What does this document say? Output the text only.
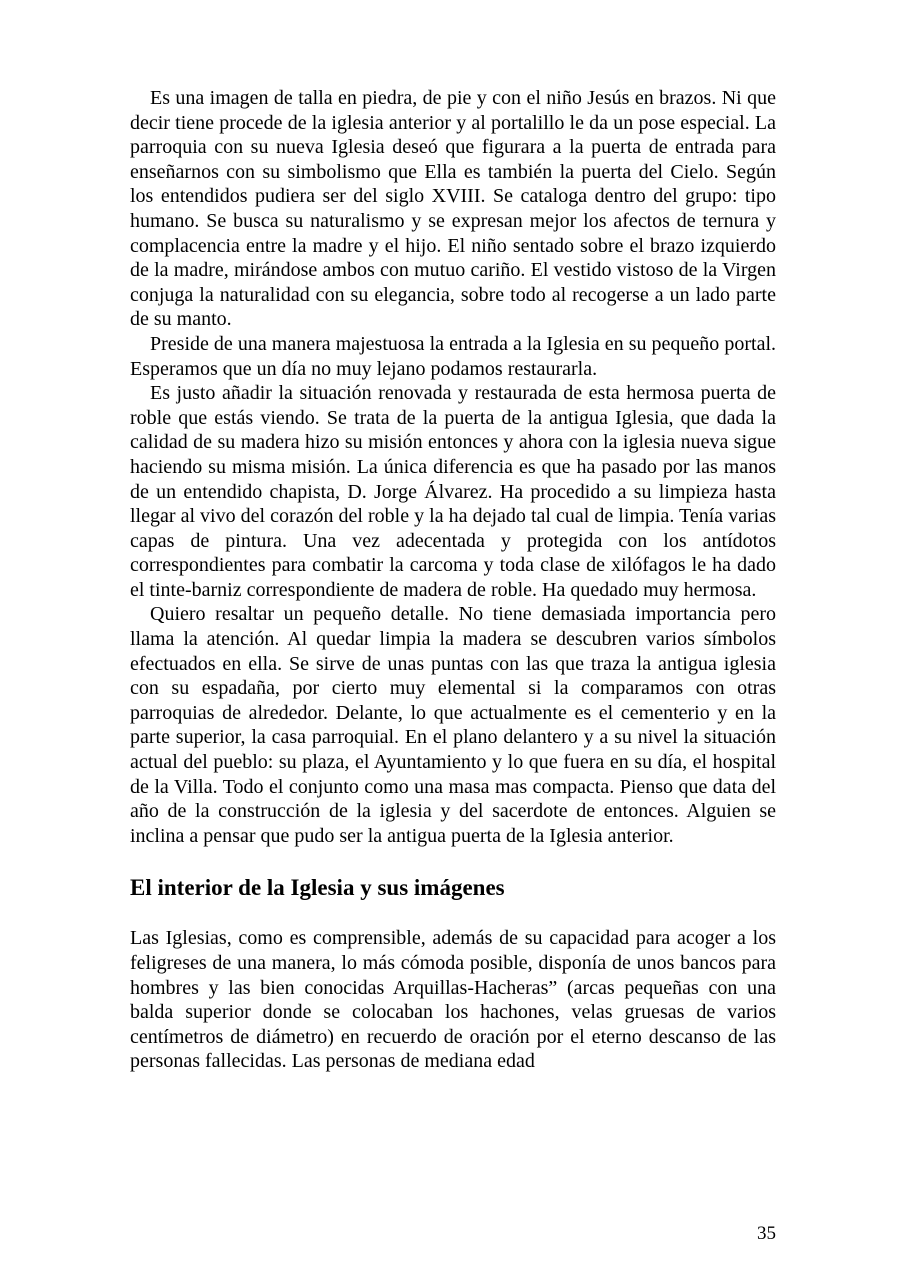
Es una imagen de talla en piedra, de pie y con el niño Jesús en brazos. Ni que decir tiene procede de la iglesia anterior y al portalillo le da un pose especial. La parroquia con su nueva Iglesia deseó que figurara a la puerta de entrada para enseñarnos con su simbolismo que Ella es también la puerta del Cielo. Según los entendidos pudiera ser del siglo XVIII. Se cataloga dentro del grupo: tipo humano. Se busca su naturalismo y se expresan mejor los afectos de ternura y complacencia entre la madre y el hijo. El niño sentado sobre el brazo izquierdo de la madre, mirándose ambos con mutuo cariño. El vestido vistoso de la Virgen conjuga la naturalidad con su elegancia, sobre todo al recogerse a un lado parte de su manto.

Preside de una manera majestuosa la entrada a la Iglesia en su pequeño portal. Esperamos que un día no muy lejano podamos restaurarla.

Es justo añadir la situación renovada y restaurada de esta hermosa puerta de roble que estás viendo. Se trata de la puerta de la antigua Iglesia, que dada la calidad de su madera hizo su misión entonces y ahora con la iglesia nueva sigue haciendo su misma misión. La única diferencia es que ha pasado por las manos de un entendido chapista, D. Jorge Álvarez. Ha procedido a su limpieza hasta llegar al vivo del corazón del roble y la ha dejado tal cual de limpia. Tenía varias capas de pintura. Una vez adecentada y protegida con los antídotos correspondientes para combatir la carcoma y toda clase de xilófagos le ha dado el tinte-barniz correspondiente de madera de roble. Ha quedado muy hermosa.

Quiero resaltar un pequeño detalle. No tiene demasiada importancia pero llama la atención. Al quedar limpia la madera se descubren varios símbolos efectuados en ella. Se sirve de unas puntas con las que traza la antigua iglesia con su espadaña, por cierto muy elemental si la comparamos con otras parroquias de alrededor. Delante, lo que actualmente es el cementerio y en la parte superior, la casa parroquial. En el plano delantero y a su nivel la situación actual del pueblo: su plaza, el Ayuntamiento y lo que fuera en su día, el hospital de la Villa. Todo el conjunto como una masa mas compacta. Pienso que data del año de la construcción de la iglesia y del sacerdote de entonces. Alguien se inclina a pensar que pudo ser la antigua puerta de la Iglesia anterior.

El interior de la Iglesia y sus imágenes

Las Iglesias, como es comprensible, además de su capacidad para acoger a los feligreses de una manera, lo más cómoda posible, disponía de unos bancos para hombres y las bien conocidas Arquillas-Hacheras” (arcas pequeñas con una balda superior donde se colocaban los hachones, velas gruesas de varios centímetros de diámetro) en recuerdo de oración por el eterno descanso de las personas fallecidas. Las personas de mediana edad

35
